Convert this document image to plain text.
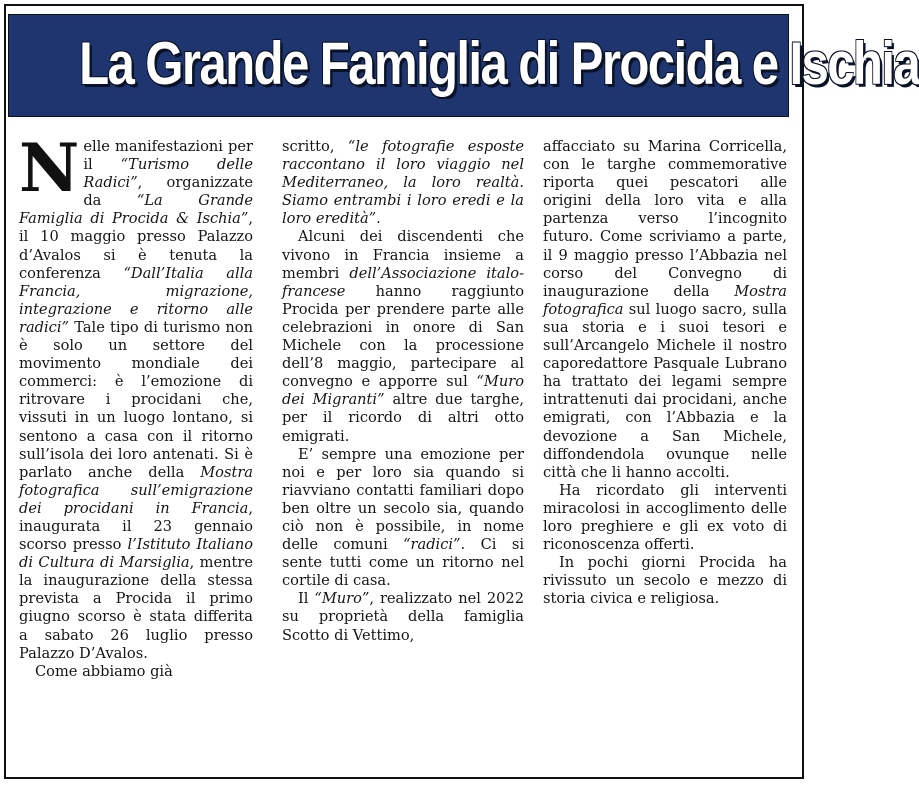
La Grande Famiglia di Procida e Ischia

Nelle manifestazioni per il “Turismo delle Radici”, organizzate da “La Grande Famiglia di Procida & Ischia”, il 10 maggio presso Palazzo d’Avalos si è tenuta la conferenza “Dall’Italia alla Francia, migrazione, integrazione e ritorno alle radici” Tale tipo di turismo non è solo un settore del movimento mondiale dei commerci: è l’emozione di ritrovare i procidani che, vissuti in un luogo lontano, si sentono a casa con il ritorno sull’isola dei loro antenati. Si è parlato anche della Mostra fotografica sull’emigrazione dei procidani in Francia, inaugurata il 23 gennaio scorso presso l’Istituto Italiano di Cultura di Marsiglia, mentre la inaugurazione della stessa prevista a Procida il primo giugno scorso è stata differita a sabato 26 luglio presso Palazzo D’Avalos.

Come abbiamo già

scritto, “le fotografie esposte raccontano il loro viaggio nel Mediterraneo, la loro realtà. Siamo entrambi i loro eredi e la loro eredità”.

Alcuni dei discendenti che vivono in Francia insieme a membri dell’Associazione italo-francese hanno raggiunto Procida per prendere parte alle celebrazioni in onore di San Michele con la processione dell’8 maggio, partecipare al convegno e apporre sul “Muro dei Migranti” altre due targhe, per il ricordo di altri otto emigrati.

E’ sempre una emozione per noi e per loro sia quando si riavviano contatti familiari dopo ben oltre un secolo sia, quando ciò non è possibile, in nome delle comuni “radici”. Ci si sente tutti come un ritorno nel cortile di casa.

Il “Muro”, realizzato nel 2022 su proprietà della famiglia Scotto di Vettimo,

affacciato su Marina Corricella, con le targhe commemorative riporta quei pescatori alle origini della loro vita e alla partenza verso l’incognito futuro. Come scriviamo a parte, il 9 maggio presso l’Abbazia nel corso del Convegno di inaugurazione della Mostra fotografica sul luogo sacro, sulla sua storia e i suoi tesori e sull’Arcangelo Michele il nostro caporedattore Pasquale Lubrano ha trattato dei legami sempre intrattenuti dai procidani, anche emigrati, con l’Abbazia e la devozione a San Michele, diffondendola ovunque nelle città che li hanno accolti.

Ha ricordato gli interventi miracolosi in accoglimento delle loro preghiere e gli ex voto di riconoscenza offerti.

In pochi giorni Procida ha rivissuto un secolo e mezzo di storia civica e religiosa.
